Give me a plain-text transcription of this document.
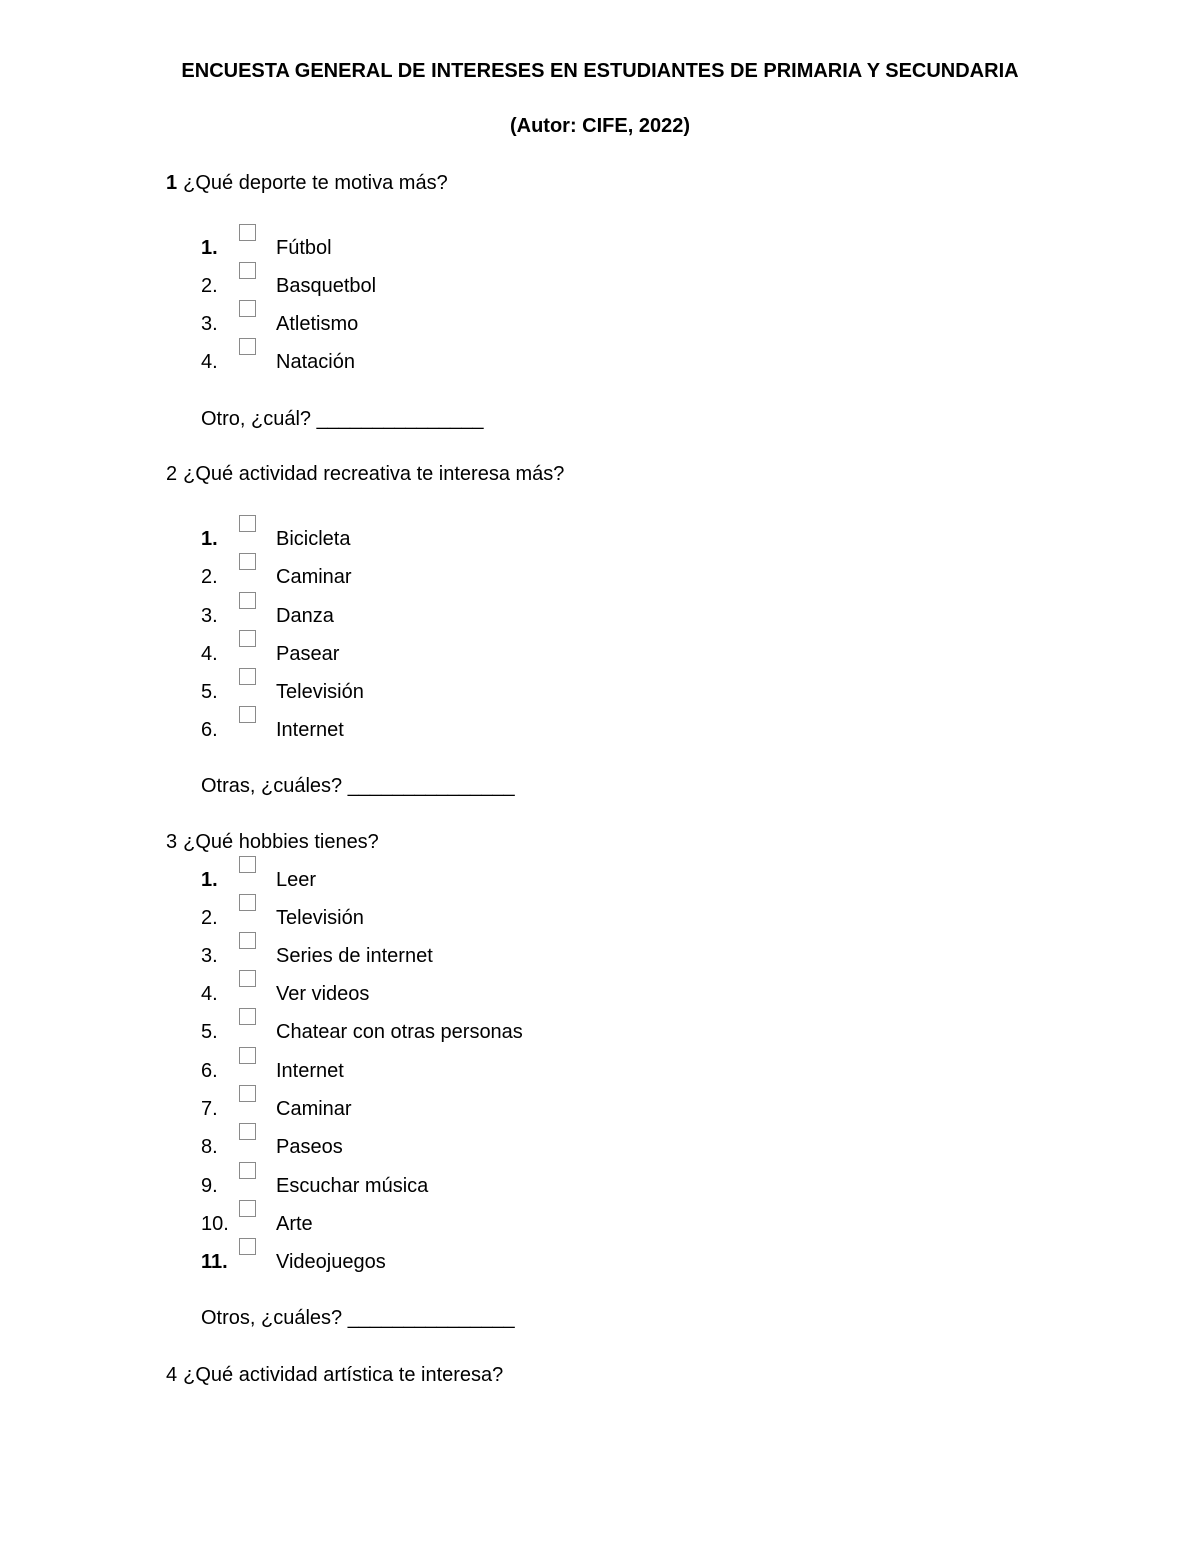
ENCUESTA GENERAL DE INTERESES EN ESTUDIANTES DE PRIMARIA Y SECUNDARIA
(Autor: CIFE, 2022)
1 ¿Qué deporte te motiva más?
1.	Fútbol
2.	Basquetbol
3.	Atletismo
4.	Natación
Otro, ¿cuál? _______________
2 ¿Qué actividad recreativa te interesa más?
1.	Bicicleta
2.	Caminar
3.	Danza
4.	Pasear
5.	Televisión
6.	Internet
Otras, ¿cuáles? _______________
3 ¿Qué hobbies tienes?
1.	Leer
2.	Televisión
3.	Series de internet
4.	Ver videos
5.	Chatear con otras personas
6.	Internet
7.	Caminar
8.	Paseos
9.	Escuchar música
10. Arte
11. Videojuegos
Otros, ¿cuáles? _______________
4 ¿Qué actividad artística te interesa?
